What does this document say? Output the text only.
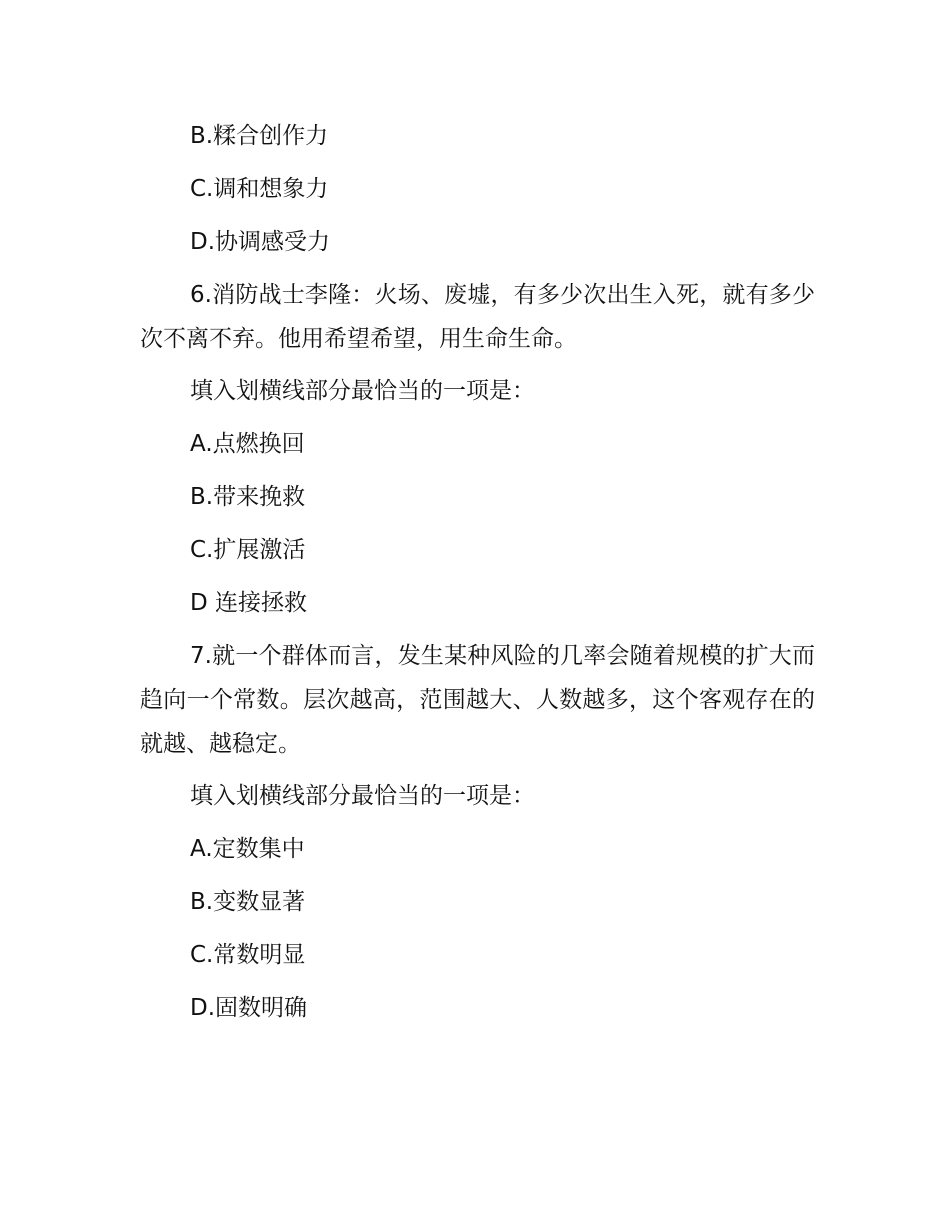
B.糅合创作力

C.调和想象力

D.协调感受力

6.消防战士李隆：火场、废墟，有多少次出生入死，就有多少次不离不弃。他用希望希望，用生命生命。

填入划横线部分最恰当的一项是：

A.点燃换回

B.带来挽救

C.扩展激活

D 连接拯救

7.就一个群体而言，发生某种风险的几率会随着规模的扩大而趋向一个常数。层次越高，范围越大、人数越多，这个客观存在的就越、越稳定。

填入划横线部分最恰当的一项是：

A.定数集中

B.变数显著

C.常数明显

D.固数明确
